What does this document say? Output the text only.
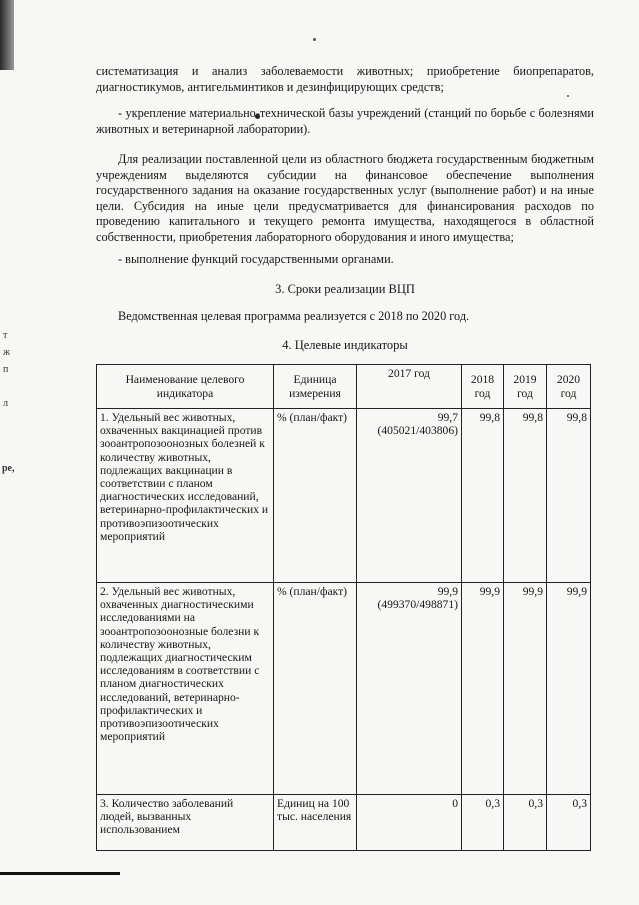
т
ж
п
л
ре,

систематизация и анализ заболеваемости животных; приобретение биопрепаратов, диагностикумов, антигельминтиков и дезинфицирующих средств;

- укрепление материально-технической базы учреждений (станций по борьбе с болезнями животных и ветеринарной лаборатории).

Для реализации поставленной цели из областного бюджета государственным бюджетным учреждениям выделяются субсидии на финансовое обеспечение выполнения государственного задания на оказание государственных услуг (выполнение работ) и на иные цели. Субсидия на иные цели предусматривается для финансирования расходов по проведению капитального и текущего ремонта имущества, находящегося в областной собственности, приобретения лабораторного оборудования и иного имущества;

- выполнение функций государственными органами.

3. Сроки реализации ВЦП

Ведомственная целевая программа реализуется с 2018 по 2020 год.

4. Целевые индикаторы

Наименование целевого индикатора	Единица измерения	2017 год	2018 год	2019 год	2020 год
1. Удельный вес животных, охваченных вакцинацией против зооантропозоонозных болезней к количеству животных, подлежащих вакцинации в соответствии с планом диагностических исследований, ветеринарно-профилактических и противоэпизоотических мероприятий	% (план/факт)	99,7
(405021/403806)	99,8	99,8	99,8
2. Удельный вес животных, охваченных диагностическими исследованиями на зооантропозоонозные болезни к количеству животных, подлежащих диагностическим исследованиям в соответствии с планом диагностических исследований, ветеринарно-профилактических и противоэпизоотических мероприятий	% (план/факт)	99,9
(499370/498871)	99,9	99,9	99,9
3. Количество заболеваний людей, вызванных использованием	Единиц на 100 тыс. населения	0	0,3	0,3	0,3
